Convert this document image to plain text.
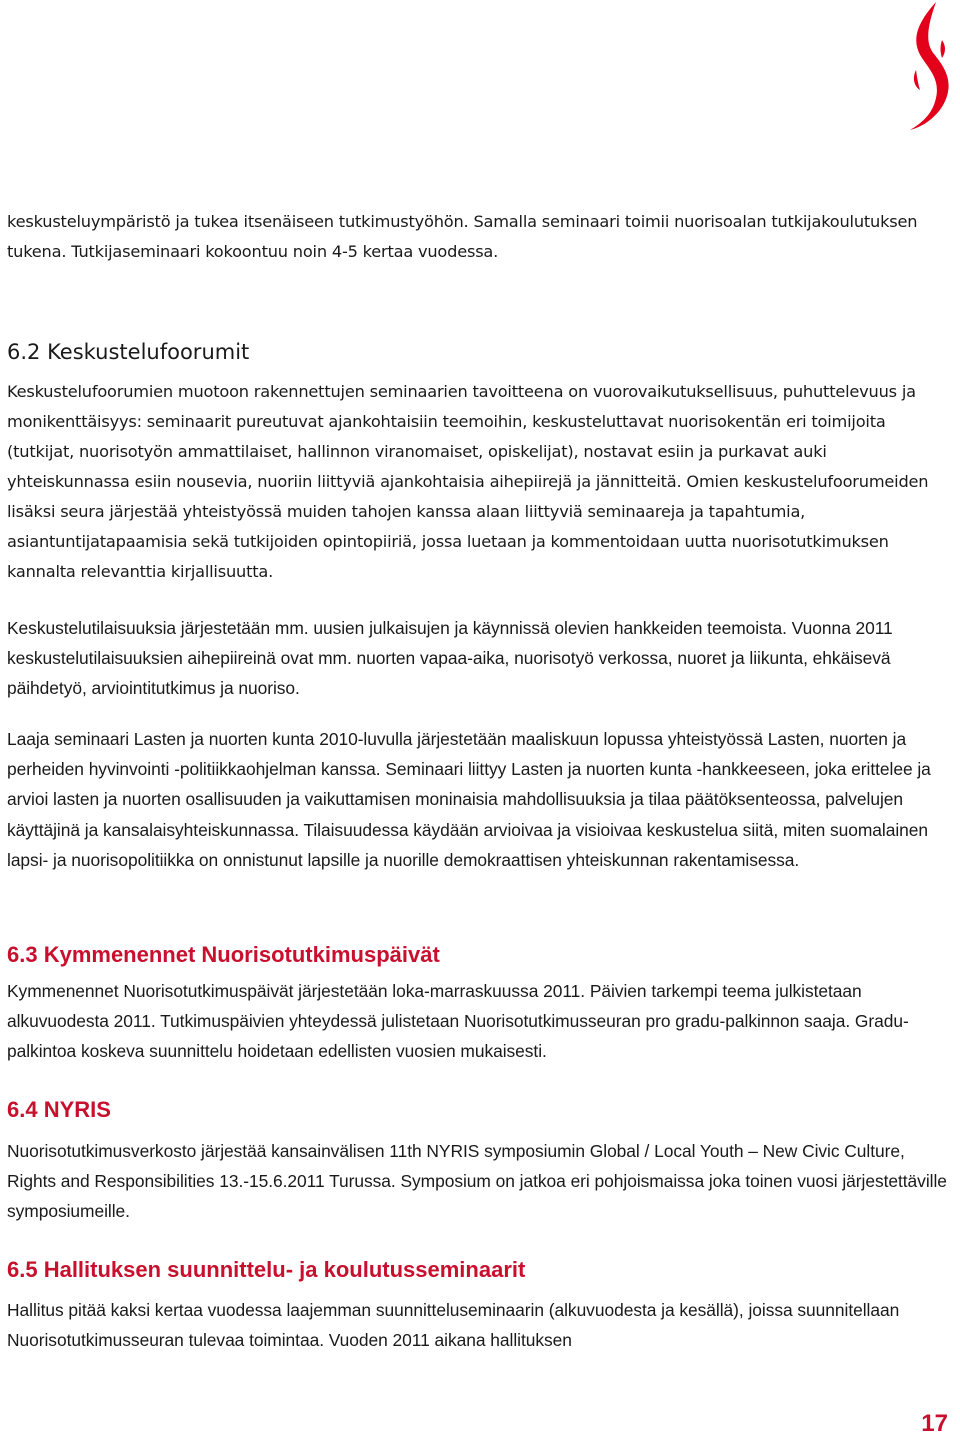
keskusteluympäristö ja tukea itsenäiseen tutkimustyöhön. Samalla seminaari toimii nuorisoalan tutkijakoulutuksen tukena. Tutkijaseminaari kokoontuu noin 4-5 kertaa vuodessa.

6.2 Keskustelufoorumit

Keskustelufoorumien muotoon rakennettujen seminaarien tavoitteena on vuorovaikutuksellisuus, puhuttelevuus ja monikenttäisyys: seminaarit pureutuvat ajankohtaisiin teemoihin, keskusteluttavat nuorisokentän eri toimijoita (tutkijat, nuorisotyön ammattilaiset, hallinnon viranomaiset, opiskelijat), nostavat esiin ja purkavat auki yhteiskunnassa esiin nousevia, nuoriin liittyviä ajankohtaisia aihepiirejä ja jännitteitä. Omien keskustelufoorumeiden lisäksi seura järjestää yhteistyössä muiden tahojen kanssa alaan liittyviä seminaareja ja tapahtumia, asiantuntijatapaamisia sekä tutkijoiden opintopiiriä, jossa luetaan ja kommentoidaan uutta nuorisotutkimuksen kannalta relevanttia kirjallisuutta.

Keskustelutilaisuuksia järjestetään mm. uusien julkaisujen ja käynnissä olevien hankkeiden teemoista. Vuonna 2011 keskustelutilaisuuksien aihepiireinä ovat mm. nuorten vapaa-aika, nuorisotyö verkossa, nuoret ja liikunta, ehkäisevä päihdetyö, arviointitutkimus ja nuoriso.

Laaja seminaari Lasten ja nuorten kunta 2010-luvulla järjestetään maaliskuun lopussa yhteistyössä Lasten, nuorten ja perheiden hyvinvointi -politiikkaohjelman kanssa. Seminaari liittyy Lasten ja nuorten kunta -hankkeeseen, joka erittelee ja arvioi lasten ja nuorten osallisuuden ja vaikuttamisen moninaisia mahdollisuuksia ja tilaa päätöksenteossa, palvelujen käyttäjinä ja kansalaisyhteiskunnassa. Tilaisuudessa käydään arvioivaa ja visioivaa keskustelua siitä, miten suomalainen lapsi- ja nuorisopolitiikka on onnistunut lapsille ja nuorille demokraattisen yhteiskunnan rakentamisessa.

6.3 Kymmenennet Nuorisotutkimuspäivät

Kymmenennet Nuorisotutkimuspäivät järjestetään loka-marraskuussa 2011. Päivien tarkempi teema julkistetaan alkuvuodesta 2011. Tutkimuspäivien yhteydessä julistetaan Nuorisotutkimusseuran pro gradu-palkinnon saaja. Gradu-palkintoa koskeva suunnittelu hoidetaan edellisten vuosien mukaisesti.

6.4 NYRIS

Nuorisotutkimusverkosto järjestää kansainvälisen 11th NYRIS symposiumin Global / Local Youth – New Civic Culture, Rights and Responsibilities 13.-15.6.2011 Turussa. Symposium on jatkoa eri pohjoismaissa joka toinen vuosi järjestettäville symposiumeille.

6.5 Hallituksen suunnittelu- ja koulutusseminaarit

Hallitus pitää kaksi kertaa vuodessa laajemman suunnitteluseminaarin (alkuvuodesta ja kesällä), joissa suunnitellaan Nuorisotutkimusseuran tulevaa toimintaa. Vuoden 2011 aikana hallituksen

17
